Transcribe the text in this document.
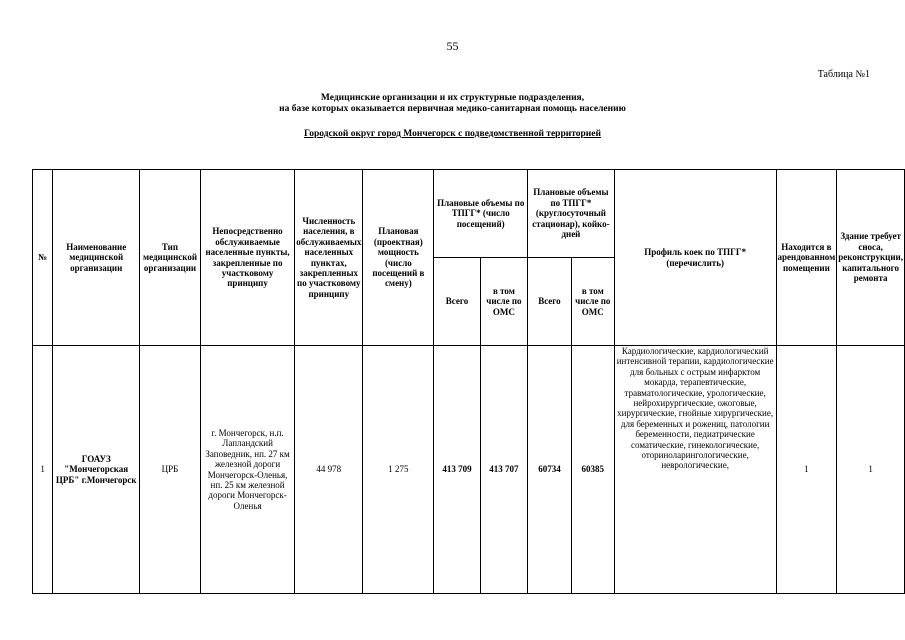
55
Таблица №1
Медицинские организации и их структурные подразделения,
на базе которых оказывается первичная медико-санитарная помощь населению
Городской округ город Мончегорск с подведомственной территорией
№	Наименование медицинской организации	Тип медицинской организации	Непосредственно обслуживаемые населенные пункты, закрепленные по участковому принципу	Численность населения, в обслуживаемых населенных пунктах, закрепленных по участковому принципу	Плановая (проектная) мощность (число посещений в смену)	Плановые объемы по ТПГГ* (число посещений)		Плановые объемы по ТПГГ* (круглосуточный стационар), койко-дней		Профиль коек по ТПГГ* (перечислить)	Находится в арендованном помещении	Здание требует сноса, реконструкции, капитального ремонта
						Всего	в том числе по ОМС	Всего	в том числе по ОМС			
1	ГОАУЗ "Мончегорская ЦРБ" г.Мончегорск	ЦРБ	г. Мончегорск, н.п. Лапландский Заповедник, нп. 27 км железной дороги Мончегорск-Оленья, нп. 25 км железной дороги Мончегорск-Оленья	44 978	1 275	413 709	413 707	60734	60385	Кардиологические, кардиологический интенсивной терапии, кардиологические для больных с острым инфарктом мокарда, терапевтические, травматологические, урологические, нейрохирургические, ожоговые, хирургические, гнойные хирургические, для беременных и рожениц, патологии беременности, педиатрические соматические, гинекологические, оториноларингологические, неврологические,	1	1
